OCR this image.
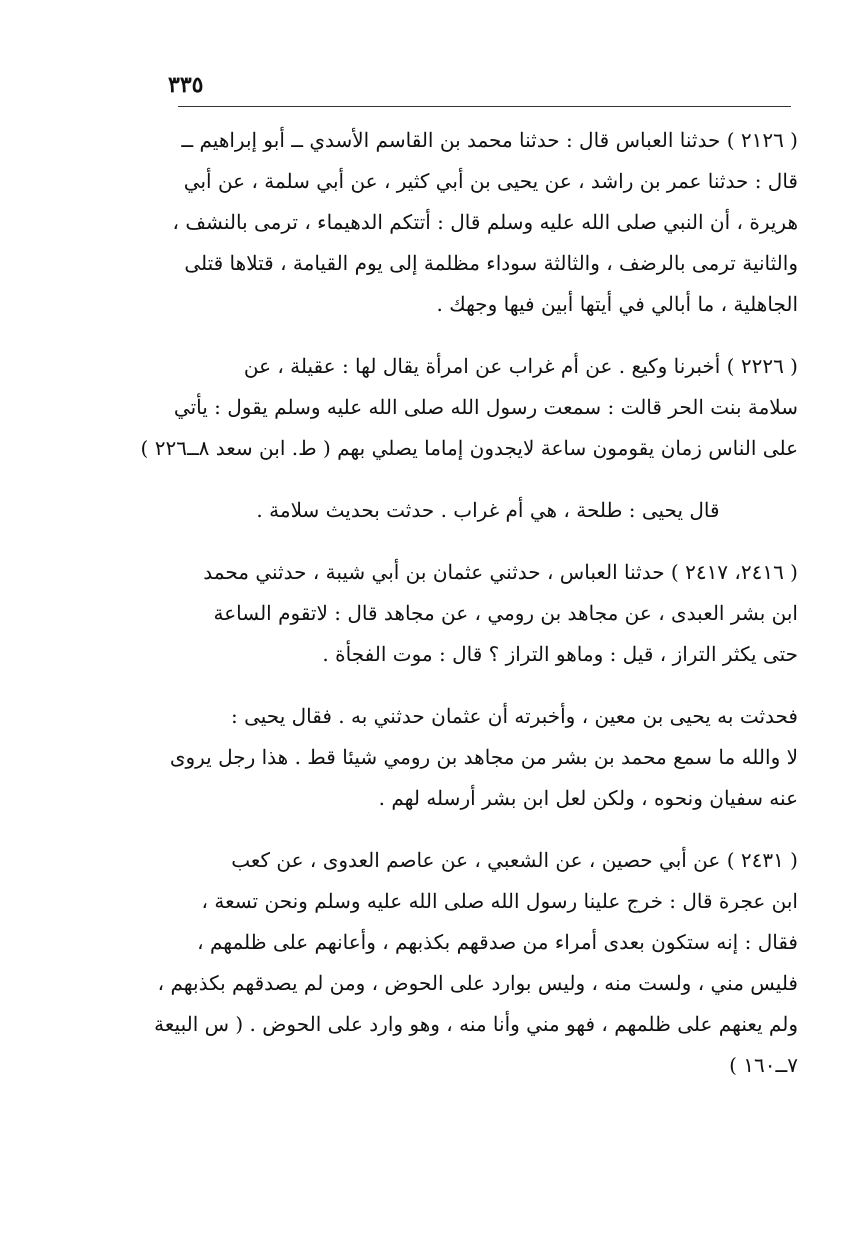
٣٣٥

( ٢١٢٦ ) حدثنا العباس قال : حدثنا محمد بن القاسم الأسدي ــ أبو إبراهيم ــ
قال : حدثنا عمر بن راشد ، عن يحيى بن أبي كثير ، عن أبي سلمة ، عن أبي
هريرة ، أن النبي صلى الله عليه وسلم قال : أتتكم الدهيماء ، ترمى بالنشف ،
والثانية ترمى بالرضف ، والثالثة سوداء مظلمة إلى يوم القيامة ، قتلاها قتلى
الجاهلية ، ما أبالي في أيتها أبين فيها وجهك .

( ٢٢٢٦ ) أخبرنا وكيع . عن أم غراب عن امرأة يقال لها : عقيلة ، عن
سلامة بنت الحر قالت : سمعت رسول الله صلى الله عليه وسلم يقول : يأتي
على الناس زمان يقومون ساعة لايجدون إماما يصلي بهم ( ط. ابن سعد ٨ــ٢٢٦ )

قال يحيى : طلحة ، هي أم غراب . حدثت بحديث سلامة .

( ٢٤١٦، ٢٤١٧ ) حدثنا العباس ، حدثني عثمان بن أبي شيبة ، حدثني محمد
ابن بشر العبدى ، عن مجاهد بن رومي ، عن مجاهد قال : لاتقوم الساعة
حتى يكثر التراز ، قيل : وماهو التراز ؟ قال : موت الفجأة .

فحدثت به يحيى بن معين ، وأخبرته أن عثمان حدثني به . فقال يحيى :
لا والله ما سمع محمد بن بشر من مجاهد بن رومي شيئا قط . هذا رجل يروى
عنه سفيان ونحوه ، ولكن لعل ابن بشر أرسله لهم .

( ٢٤٣١ ) عن أبي حصين ، عن الشعبي ، عن عاصم العدوى ، عن كعب
ابن عجرة قال : خرج علينا رسول الله صلى الله عليه وسلم ونحن تسعة ،
فقال : إنه ستكون بعدى أمراء من صدقهم بكذبهم ، وأعانهم على ظلمهم ،
فليس مني ، ولست منه ، وليس بوارد على الحوض ، ومن لم يصدقهم بكذبهم ،
ولم يعنهم على ظلمهم ، فهو مني وأنا منه ، وهو وارد على الحوض . ( س البيعة
٧ــ١٦٠ )
